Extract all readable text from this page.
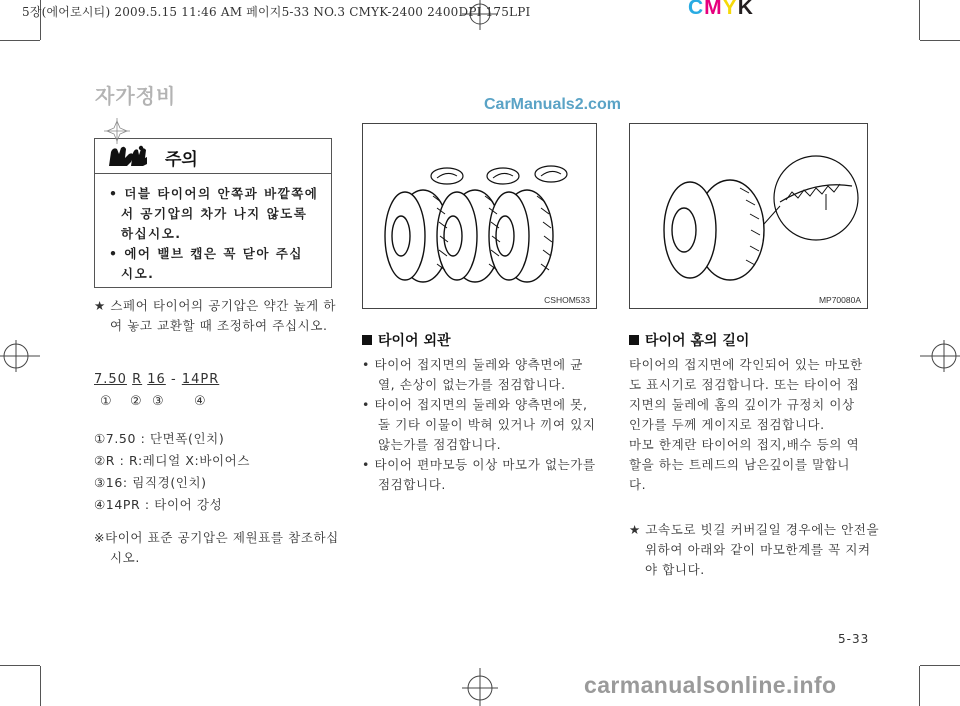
5장(에어로시티) 2009.5.15 11:46 AM 페이지5-33 NO.3 CMYK-2400 2400DPI 175LPI	CMYK
자가정비	CarManuals2.com
주의
• 더블 타이어의 안쪽과 바깥쪽에 서 공기압의 차가 나지 않도록 하십시오.
• 에어 밸브 캡은 꼭 닫아 주십 시오.
★ 스페어 타이어의 공기압은 약간 높게 하여 놓고 교환할 때 조정하여 주십시오.
7.50 R 16 - 14PR
① ② ③ ④
①7.50 : 단면폭(인치)
②R : R:레디얼 X:바이어스
③16: 림직경(인치)
④14PR : 타이어 강성
※타이어 표준 공기압은 제원표를 참조하십시오.
CSHOM533	MP70080A
타이어 외관

• 타이어 접지면의 둘레와 양측면에 균열, 손상이 없는가를 점검합니다.

• 타이어 접지면의 둘레와 양측면에 못, 돌 기타 이물이 박혀 있거나 끼여 있지 않는가를 점검합니다.

• 타이어 편마모등 이상 마모가 없는가를 점검합니다.

타이어 홈의 길이

타이어의 접지면에 각인되어 있는 마모한도 표시기로 점검합니다. 또는 타이어 접지면의 둘레에 홈의 깊이가 규정치 이상인가를 두께 게이지로 점검합니다.

마모 한계란 타이어의 접지,배수 등의 역할을 하는 트레드의 남은깊이를 말합니다.

★ 고속도로 빗길 커버길일 경우에는 안전을 위하여 아래와 같이 마모한계를 꼭 지켜야 합니다.
5-33
carmanualsonline.info
